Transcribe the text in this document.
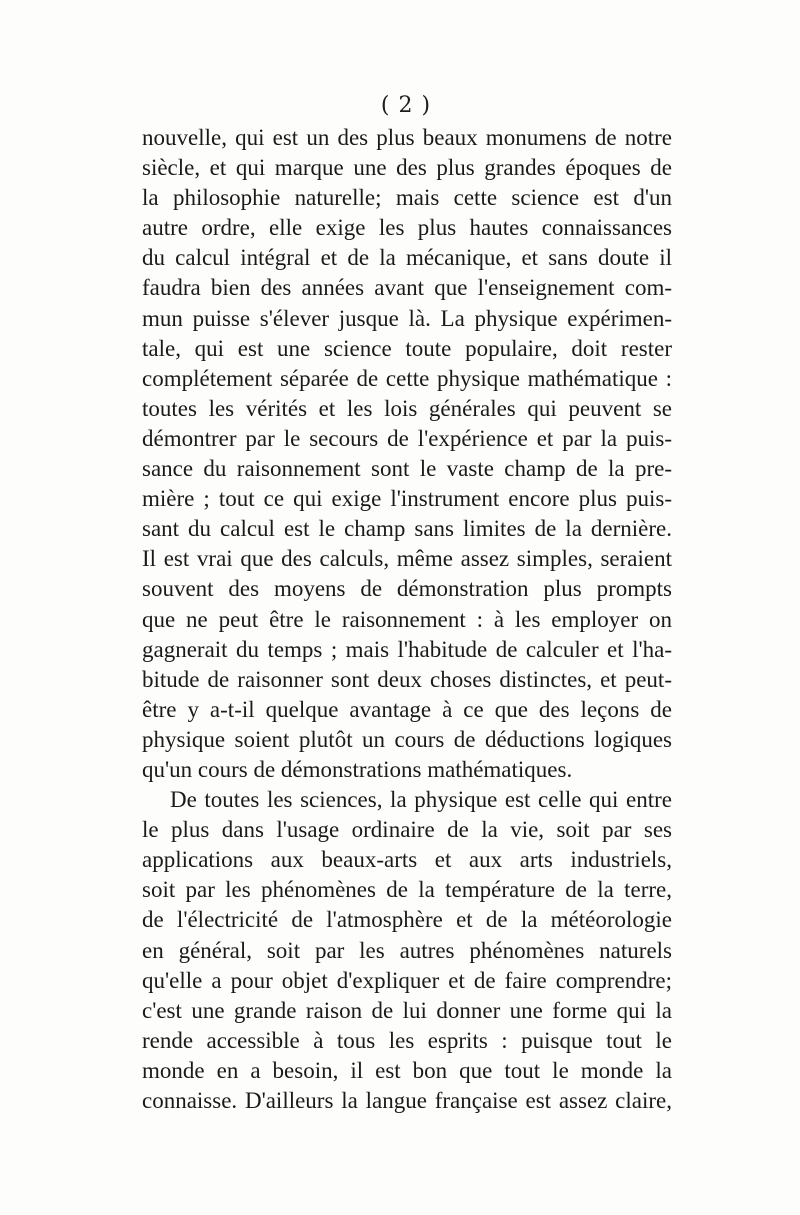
( 2 )
nouvelle, qui est un des plus beaux monumens de notre
siècle, et qui marque une des plus grandes époques de
la philosophie naturelle; mais cette science est d'un
autre ordre, elle exige les plus hautes connaissances
du calcul intégral et de la mécanique, et sans doute il
faudra bien des années avant que l'enseignement com-
mun puisse s'élever jusque là. La physique expérimen-
tale, qui est une science toute populaire, doit rester
complétement séparée de cette physique mathématique :
toutes les vérités et les lois générales qui peuvent se
démontrer par le secours de l'expérience et par la puis-
sance du raisonnement sont le vaste champ de la pre-
mière ; tout ce qui exige l'instrument encore plus puis-
sant du calcul est le champ sans limites de la dernière.
Il est vrai que des calculs, même assez simples, seraient
souvent des moyens de démonstration plus prompts
que ne peut être le raisonnement : à les employer on
gagnerait du temps ; mais l'habitude de calculer et l'ha-
bitude de raisonner sont deux choses distinctes, et peut-
être y a-t-il quelque avantage à ce que des leçons de
physique soient plutôt un cours de déductions logiques
qu'un cours de démonstrations mathématiques.
De toutes les sciences, la physique est celle qui entre
le plus dans l'usage ordinaire de la vie, soit par ses
applications aux beaux-arts et aux arts industriels,
soit par les phénomènes de la température de la terre,
de l'électricité de l'atmosphère et de la météorologie
en général, soit par les autres phénomènes naturels
qu'elle a pour objet d'expliquer et de faire comprendre;
c'est une grande raison de lui donner une forme qui la
rende accessible à tous les esprits : puisque tout le
monde en a besoin, il est bon que tout le monde la
connaisse. D'ailleurs la langue française est assez claire,
